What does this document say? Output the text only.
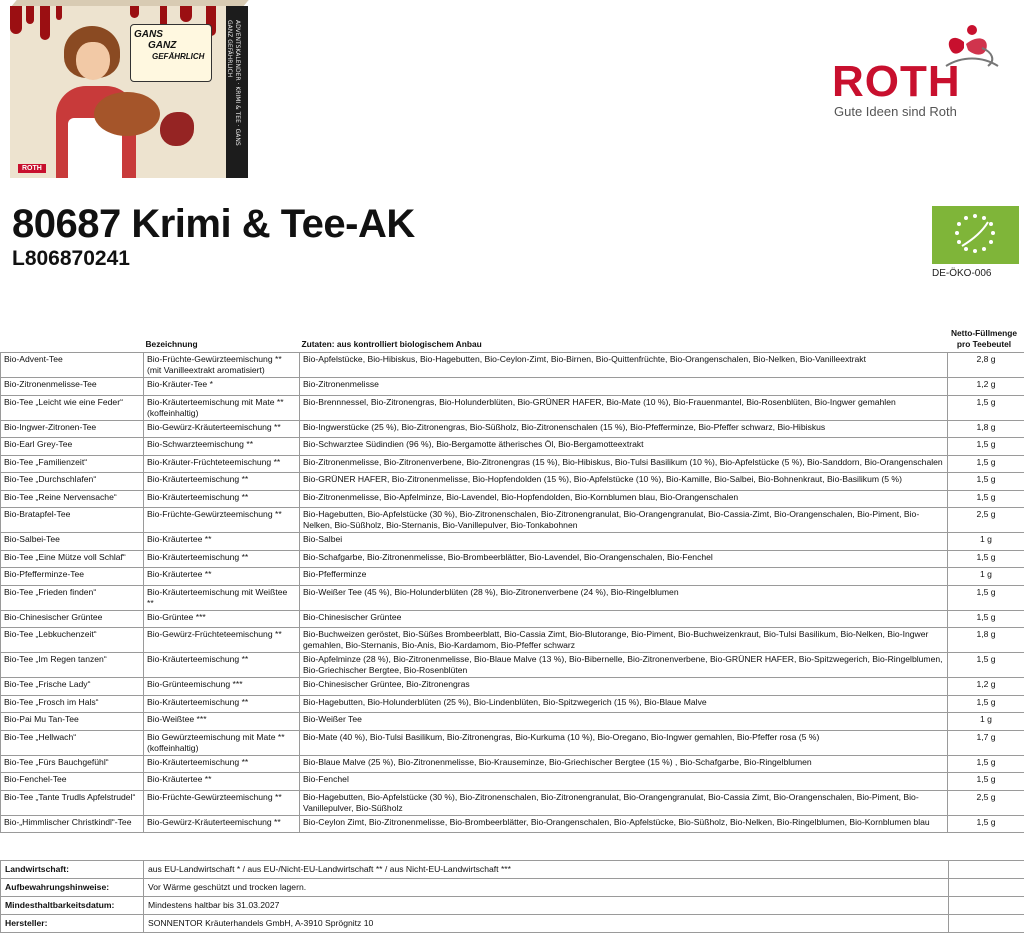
GANS
GANZ
GEFÄHRLICH
ROTH
ADVENTSKALENDER · KRIMI & TEE · GANS GANZ GEFÄHRLICH
ROTH
Gute Ideen sind Roth
80687 Krimi & Tee-AK
L806870241
DE-ÖKO-006
	Bezeichnung	Zutaten: aus kontrolliert biologischem Anbau	Netto-Füllmenge
pro Teebeutel

Bio-Advent-Tee	Bio-Früchte-Gewürzteemischung ** (mit Vanilleextrakt aromatisiert)	Bio-Apfelstücke, Bio-Hibiskus, Bio-Hagebutten, Bio-Ceylon-Zimt, Bio-Birnen, Bio-Quittenfrüchte, Bio-Orangenschalen, Bio-Nelken, Bio-Vanilleextrakt	2,8 g
Bio-Zitronenmelisse-Tee	Bio-Kräuter-Tee *	Bio-Zitronenmelisse	1,2 g
Bio-Tee „Leicht wie eine Feder“	Bio-Kräuterteemischung mit Mate ** (koffeinhaltig)	Bio-Brennnessel, Bio-Zitronengras, Bio-Holunderblüten, Bio-GRÜNER HAFER, Bio-Mate (10 %), Bio-Frauenmantel, Bio-Rosenblüten, Bio-Ingwer gemahlen	1,5 g
Bio-Ingwer-Zitronen-Tee	Bio-Gewürz-Kräuterteemischung **	Bio-Ingwerstücke (25 %), Bio-Zitronengras, Bio-Süßholz, Bio-Zitronenschalen (15 %), Bio-Pfefferminze, Bio-Pfeffer schwarz, Bio-Hibiskus	1,8 g
Bio-Earl Grey-Tee	Bio-Schwarzteemischung **	Bio-Schwarztee Südindien (96 %), Bio-Bergamotte ätherisches Öl, Bio-Bergamotteextrakt	1,5 g
Bio-Tee „Familienzeit“	Bio-Kräuter-Früchteteemischung **	Bio-Zitronenmelisse, Bio-Zitronenverbene, Bio-Zitronengras (15 %), Bio-Hibiskus, Bio-Tulsi Basilikum (10 %), Bio-Apfelstücke (5 %), Bio-Sanddorn, Bio-Orangenschalen	1,5 g
Bio-Tee „Durchschlafen“	Bio-Kräuterteemischung **	Bio-GRÜNER HAFER, Bio-Zitronenmelisse, Bio-Hopfendolden (15 %), Bio-Apfelstücke (10 %), Bio-Kamille, Bio-Salbei, Bio-Bohnenkraut, Bio-Basilikum (5 %)	1,5 g
Bio-Tee „Reine Nervensache“	Bio-Kräuterteemischung **	Bio-Zitronenmelisse, Bio-Apfelminze, Bio-Lavendel, Bio-Hopfendolden, Bio-Kornblumen blau, Bio-Orangenschalen	1,5 g
Bio-Bratapfel-Tee	Bio-Früchte-Gewürzteemischung **	Bio-Hagebutten, Bio-Apfelstücke (30 %), Bio-Zitronenschalen, Bio-Zitronengranulat, Bio-Orangengranulat, Bio-Cassia-Zimt, Bio-Orangenschalen, Bio-Piment, Bio-Nelken, Bio-Süßholz, Bio-Sternanis, Bio-Vanillepulver, Bio-Tonkabohnen	2,5 g
Bio-Salbei-Tee	Bio-Kräutertee **	Bio-Salbei	1 g
Bio-Tee „Eine Mütze voll Schlaf“	Bio-Kräuterteemischung **	Bio-Schafgarbe, Bio-Zitronenmelisse, Bio-Brombeerblätter, Bio-Lavendel, Bio-Orangenschalen, Bio-Fenchel	1,5 g
Bio-Pfefferminze-Tee	Bio-Kräutertee **	Bio-Pfefferminze	1 g
Bio-Tee „Frieden finden“	Bio-Kräuterteemischung mit Weißtee **	Bio-Weißer Tee (45 %), Bio-Holunderblüten (28 %), Bio-Zitronenverbene (24 %), Bio-Ringelblumen	1,5 g
Bio-Chinesischer Grüntee	Bio-Grüntee ***	Bio-Chinesischer Grüntee	1,5 g
Bio-Tee „Lebkuchenzeit“	Bio-Gewürz-Früchteteemischung **	Bio-Buchweizen geröstet, Bio-Süßes Brombeerblatt, Bio-Cassia Zimt, Bio-Blutorange, Bio-Piment, Bio-Buchweizenkraut, Bio-Tulsi Basilikum, Bio-Nelken, Bio-Ingwer gemahlen, Bio-Sternanis, Bio-Anis, Bio-Kardamom, Bio-Pfeffer schwarz	1,8 g
Bio-Tee „Im Regen tanzen“	Bio-Kräuterteemischung **	Bio-Apfelminze (28 %), Bio-Zitronenmelisse, Bio-Blaue Malve (13 %), Bio-Bibernelle, Bio-Zitronenverbene, Bio-GRÜNER HAFER, Bio-Spitzwegerich, Bio-Ringelblumen, Bio-Griechischer Bergtee, Bio-Rosenblüten	1,5 g
Bio-Tee „Frische Lady“	Bio-Grünteemischung ***	Bio-Chinesischer Grüntee, Bio-Zitronengras	1,2 g
Bio-Tee „Frosch im Hals“	Bio-Kräuterteemischung **	Bio-Hagebutten, Bio-Holunderblüten (25 %), Bio-Lindenblüten, Bio-Spitzwegerich (15 %), Bio-Blaue Malve	1,5 g
Bio-Pai Mu Tan-Tee	Bio-Weißtee ***	Bio-Weißer Tee	1 g
Bio-Tee „Hellwach“	Bio Gewürzteemischung mit Mate ** (koffeinhaltig)	Bio-Mate (40 %), Bio-Tulsi Basilikum, Bio-Zitronengras, Bio-Kurkuma (10 %), Bio-Oregano, Bio-Ingwer gemahlen, Bio-Pfeffer rosa (5 %)	1,7 g
Bio-Tee „Fürs Bauchgefühl“	Bio-Kräuterteemischung **	Bio-Blaue Malve (25 %), Bio-Zitronenmelisse, Bio-Krauseminze, Bio-Griechischer Bergtee (15 %) , Bio-Schafgarbe, Bio-Ringelblumen	1,5 g
Bio-Fenchel-Tee	Bio-Kräutertee **	Bio-Fenchel	1,5 g
Bio-Tee „Tante Trudls Apfelstrudel“	Bio-Früchte-Gewürzteemischung **	Bio-Hagebutten, Bio-Apfelstücke (30 %), Bio-Zitronenschalen, Bio-Zitronengranulat, Bio-Orangengranulat, Bio-Cassia Zimt, Bio-Orangenschalen, Bio-Piment, Bio-Vanillepulver, Bio-Süßholz	2,5 g
Bio-„Himmlischer Christkindl“-Tee	Bio-Gewürz-Kräuterteemischung **	Bio-Ceylon Zimt, Bio-Zitronenmelisse, Bio-Brombeerblätter, Bio-Orangenschalen, Bio-Apfelstücke, Bio-Süßholz, Bio-Nelken, Bio-Ringelblumen, Bio-Kornblumen blau	1,5 g
Landwirtschaft:	aus EU-Landwirtschaft * / aus EU-/Nicht-EU-Landwirtschaft ** / aus Nicht-EU-Landwirtschaft ***	
Aufbewahrungshinweise:	Vor Wärme geschützt und trocken lagern.	
Mindesthaltbarkeitsdatum:	Mindestens haltbar bis 31.03.2027	
Hersteller:	SONNENTOR Kräuterhandels GmbH, A-3910 Sprögnitz 10	
